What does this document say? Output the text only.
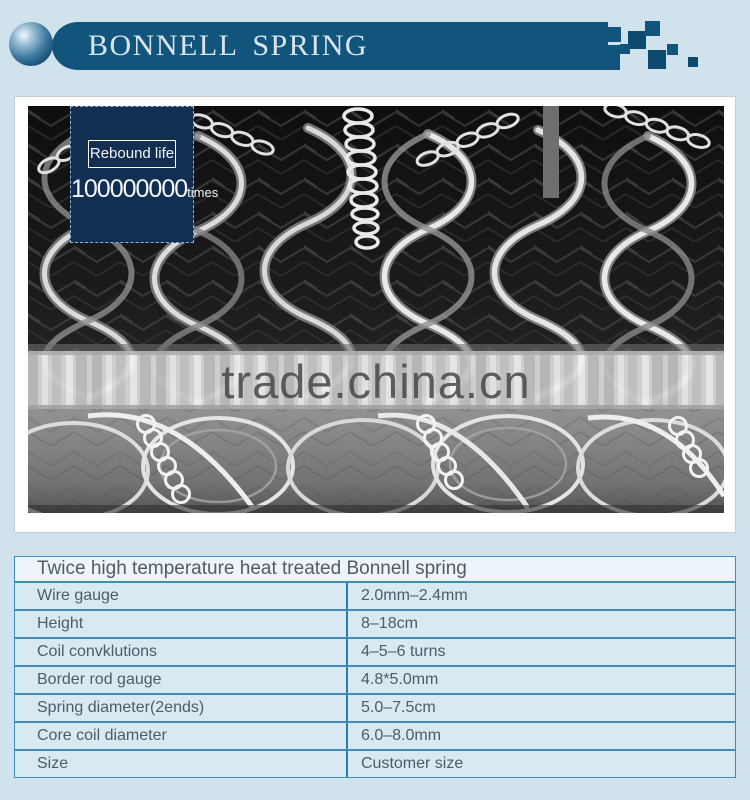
BONNELL SPRING
trade.china.cn
Rebound life
100000000times
Twice high temperature heat treated Bonnell spring
Wire gauge	2.0mm–2.4mm
Height	8–18cm
Coil convklutions	4–5–6 turns
Border rod gauge	4.8*5.0mm
Spring diameter(2ends)	5.0–7.5cm
Core coil diameter	6.0–8.0mm
Size	Customer size
